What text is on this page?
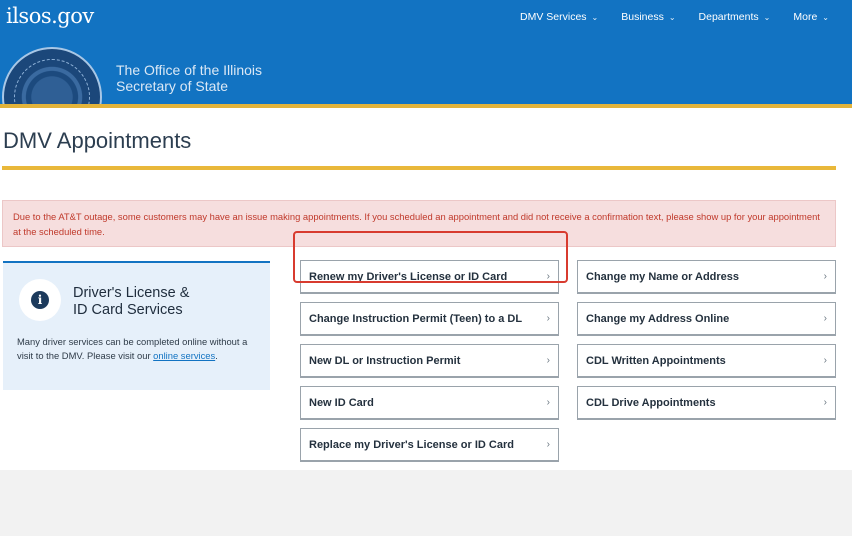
ilsos.gov	DMV Services ⌄ Business ⌄ Departments ⌄ More ⌄
The Office of the Illinois
Secretary of State
DMV Appointments
Due to the AT&T outage, some customers may have an issue making appointments. If you scheduled an appointment and did not receive a confirmation text, please show up for your appointment at the scheduled time.
i	Driver's License &
ID Card Services
Many driver services can be completed online without a visit to the DMV. Please visit our online services.
Renew my Driver's License or ID Card	›
Change Instruction Permit (Teen) to a DL ›
New DL or Instruction Permit	›
New ID Card	›
Replace my Driver's License or ID Card	›
Change my Name or Address	›
Change my Address Online	›
CDL Written Appointments	›
CDL Drive Appointments	›
